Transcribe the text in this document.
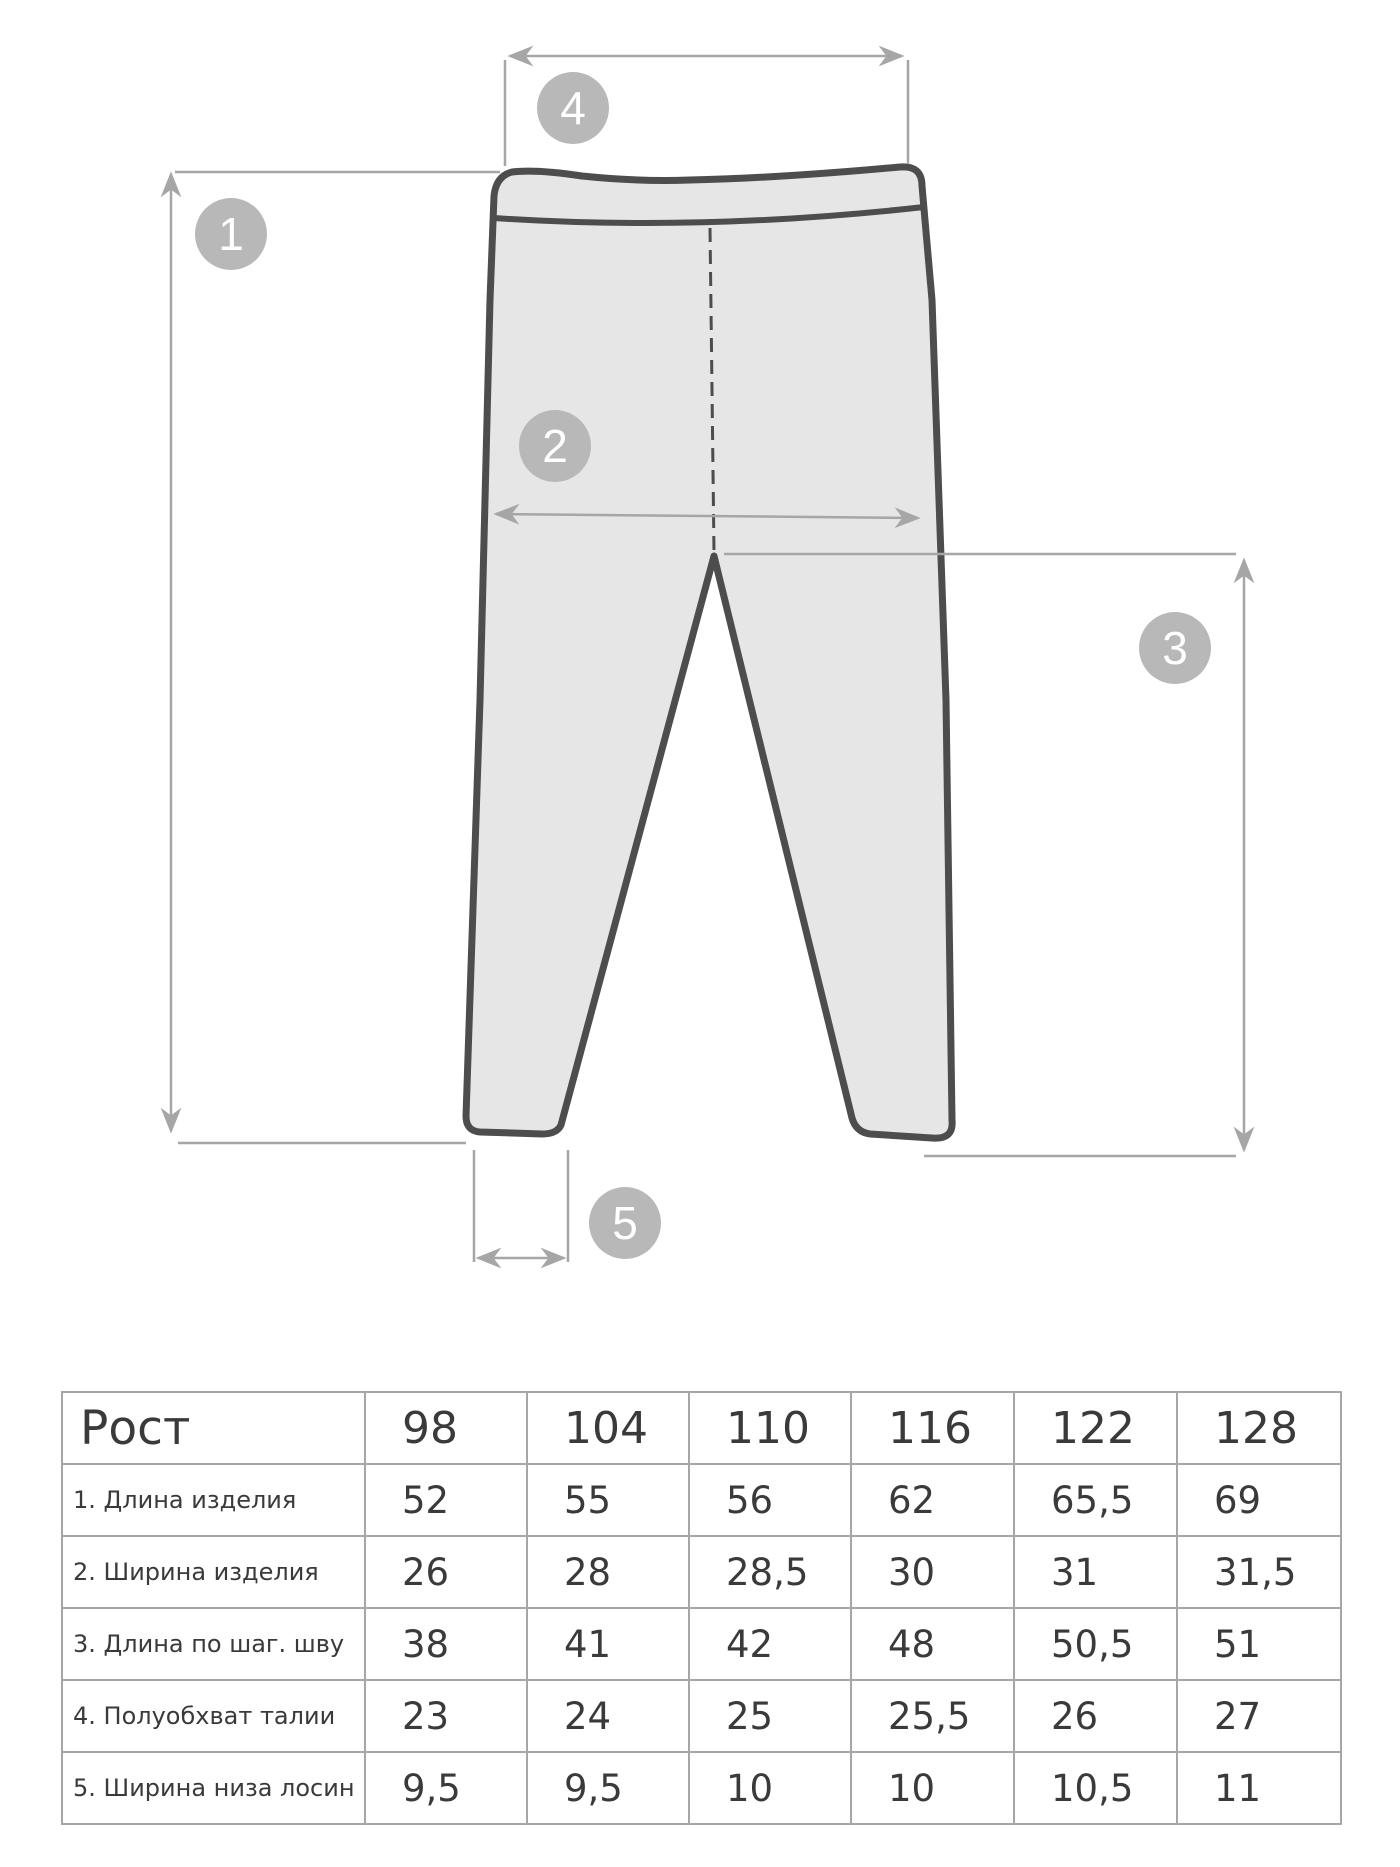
1
2
3
4
5
Рост	98	104	110	116	122	128
1. Длина изделия	52	55	56	62	65,5	69
2. Ширина изделия	26	28	28,5	30	31	31,5
3. Длина по шаг. шву	38	41	42	48	50,5	51
4. Полуобхват талии	23	24	25	25,5	26	27
5. Ширина низа лосин	9,5	9,5	10	10	10,5	11
